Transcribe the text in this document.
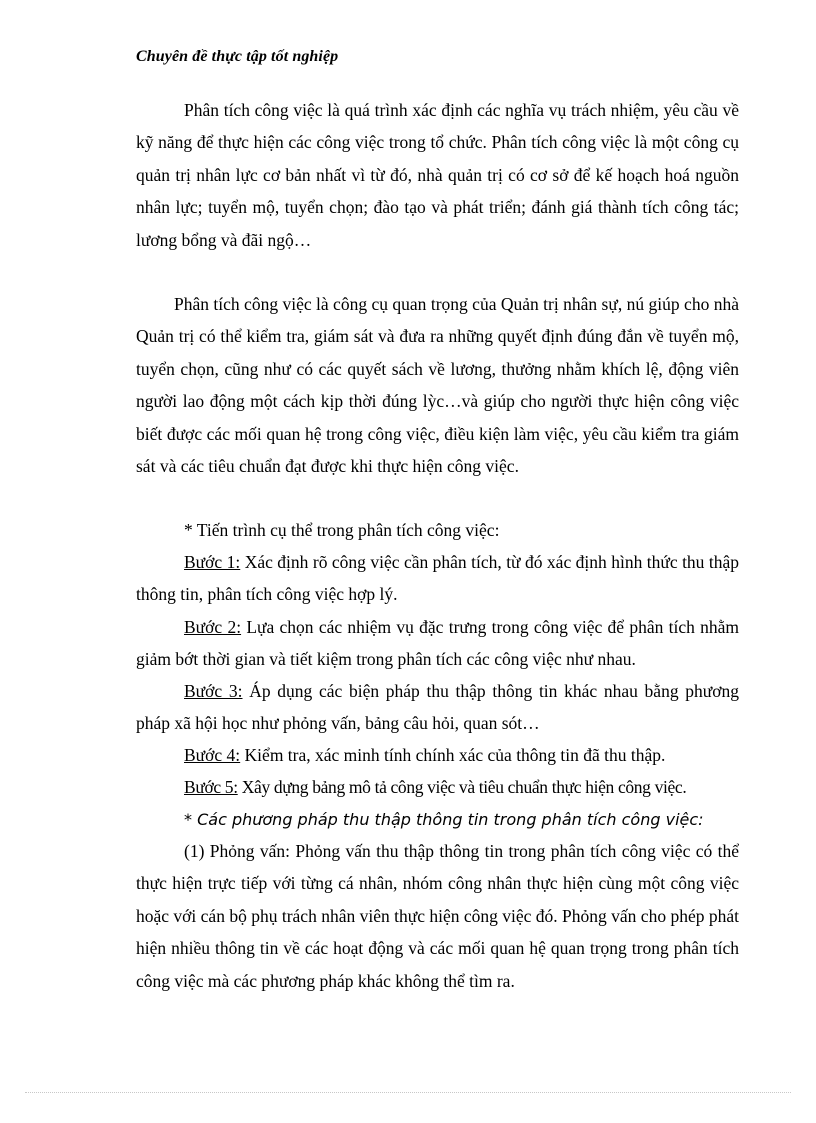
Chuyên đề thực tập tốt nghiệp

Phân tích công việc là quá trình xác định các nghĩa vụ trách nhiệm, yêu cầu về kỹ năng để thực hiện các công việc trong tổ chức. Phân tích công việc là một công cụ quản trị nhân lực cơ bản nhất vì từ đó, nhà quản trị có cơ sở để kế hoạch hoá nguồn nhân lực; tuyển mộ, tuyển chọn; đào tạo và phát triển; đánh giá thành tích công tác; lương bổng và đãi ngộ…

Phân tích công việc là công cụ quan trọng của Quản trị nhân sự, nú giúp cho nhà Quản trị có thể kiểm tra, giám sát và đưa ra những quyết định đúng đắn về tuyển mộ, tuyển chọn, cũng như có các quyết sách về lương, thưởng nhằm khích lệ, động viên người lao động một cách kịp thời đúng lỳc…và giúp cho người thực hiện công việc biết được các mối quan hệ trong công việc, điều kiện làm việc, yêu cầu kiểm tra giám sát và các tiêu chuẩn đạt được khi thực hiện công việc.

* Tiến trình cụ thể trong phân tích công việc:

Bước 1: Xác định rõ công việc cần phân tích, từ đó xác định hình thức thu thập thông tin, phân tích công việc hợp lý.

Bước 2: Lựa chọn các nhiệm vụ đặc trưng trong công việc để phân tích nhằm giảm bớt thời gian và tiết kiệm trong phân tích các công việc như nhau.

Bước 3: Áp dụng các biện pháp thu thập thông tin khác nhau bằng phương pháp xã hội học như phỏng vấn, bảng câu hỏi, quan sót…

Bước 4: Kiểm tra, xác minh tính chính xác của thông tin đã thu thập.

Bước 5: Xây dựng bảng mô tả công việc và tiêu chuẩn thực hiện công việc.

* Các phương pháp thu thập thông tin trong phân tích công việc:

(1) Phỏng vấn: Phỏng vấn thu thập thông tin trong phân tích công việc có thể thực hiện trực tiếp với từng cá nhân, nhóm công nhân thực hiện cùng một công việc hoặc với cán bộ phụ trách nhân viên thực hiện công việc đó. Phỏng vấn cho phép phát hiện nhiều thông tin về các hoạt động và các mối quan hệ quan trọng trong phân tích công việc mà các phương pháp khác không thể tìm ra.
